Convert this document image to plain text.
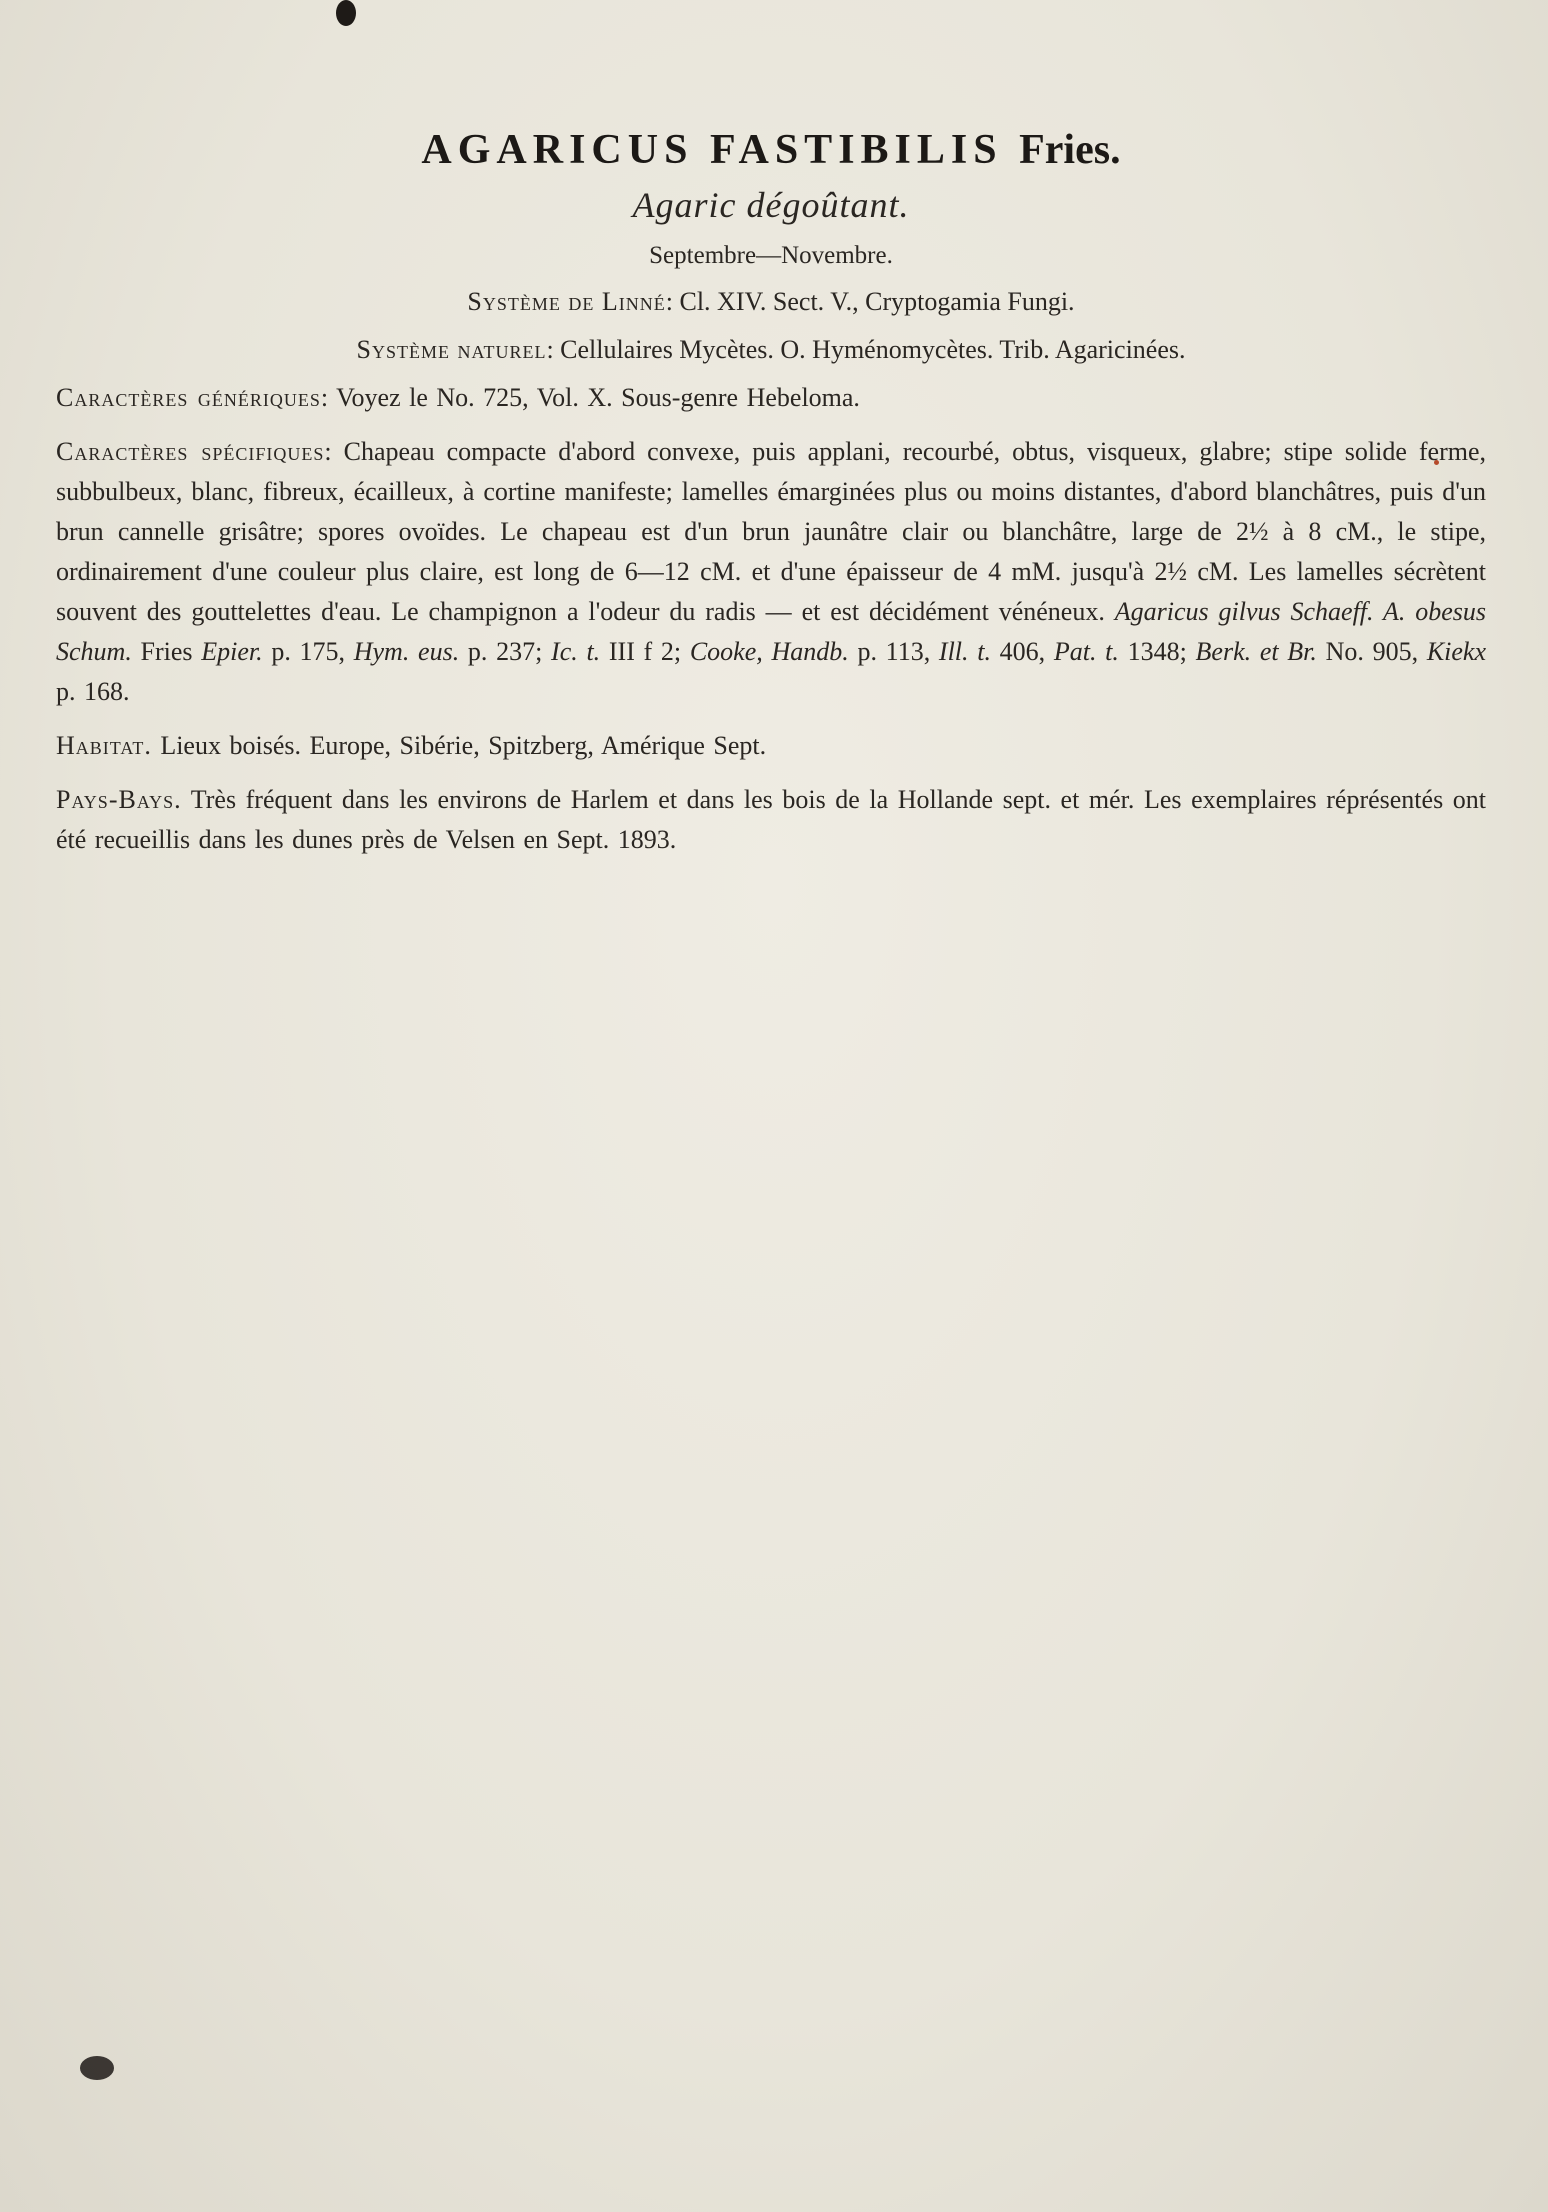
AGARICUS FASTIBILIS Fries.

Agaric dégoûtant.

Septembre—Novembre.

Système de Linné: Cl. XIV. Sect. V., Cryptogamia Fungi.

Système naturel: Cellulaires Mycètes. O. Hyménomycètes. Trib. Agaricinées.

Caractères génériques: Voyez le No. 725, Vol. X. Sous-genre Hebeloma.

Caractères spécifiques: Chapeau compacte d'abord convexe, puis applani, recourbé, obtus, visqueux, glabre; stipe solide ferme, subbulbeux, blanc, fibreux, écailleux, à cortine manifeste; lamelles émarginées plus ou moins distantes, d'abord blanchâtres, puis d'un brun cannelle grisâtre; spores ovoïdes. Le chapeau est d'un brun jaunâtre clair ou blanchâtre, large de 2½ à 8 cM., le stipe, ordinairement d'une couleur plus claire, est long de 6—12 cM. et d'une épaisseur de 4 mM. jusqu'à 2½ cM. Les lamelles sécrètent souvent des gouttelettes d'eau. Le champignon a l'odeur du radis — et est décidément vénéneux. Agaricus gilvus Schaeff. A. obesus Schum. Fries Epier. p. 175, Hym. eus. p. 237; Ic. t. III f 2; Cooke, Handb. p. 113, Ill. t. 406, Pat. t. 1348; Berk. et Br. No. 905, Kiekx p. 168.

Habitat. Lieux boisés. Europe, Sibérie, Spitzberg, Amérique Sept.

Pays-Bays. Très fréquent dans les environs de Harlem et dans les bois de la Hollande sept. et mér. Les exemplaires réprésentés ont été recueillis dans les dunes près de Velsen en Sept. 1893.
